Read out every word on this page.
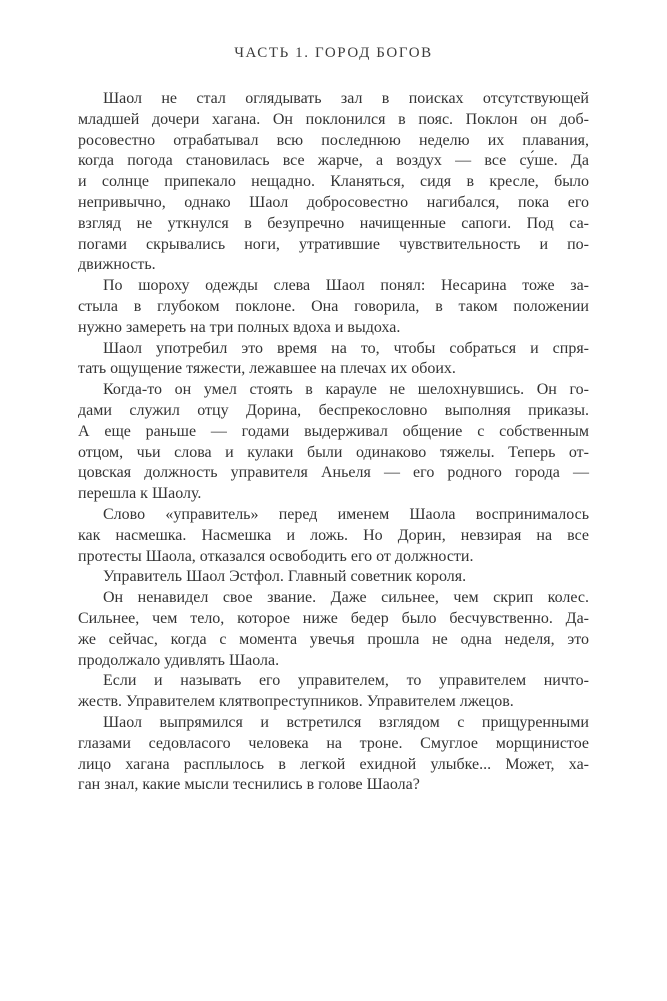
ЧАСТЬ 1. ГОРОД БОГОВ
Шаол не стал оглядывать зал в поисках отсутствующей
младшей дочери хагана. Он поклонился в пояс. Поклон он доб-
росовестно отрабатывал всю последнюю неделю их плавания,
когда погода становилась все жарче, а воздух — все су́ше. Да
и солнце припекало нещадно. Кланяться, сидя в кресле, было
непривычно, однако Шаол добросовестно нагибался, пока его
взгляд не уткнулся в безупречно начищенные сапоги. Под са-
погами скрывались ноги, утратившие чувствительность и по-
движность.
По шороху одежды слева Шаол понял: Несарина тоже за-
стыла в глубоком поклоне. Она говорила, в таком положении
нужно замереть на три полных вдоха и выдоха.
Шаол употребил это время на то, чтобы собраться и спря-
тать ощущение тяжести, лежавшее на плечах их обоих.
Когда-то он умел стоять в карауле не шелохнувшись. Он го-
дами служил отцу Дорина, беспрекословно выполняя приказы.
А еще раньше — годами выдерживал общение с собственным
отцом, чьи слова и кулаки были одинаково тяжелы. Теперь от-
цовская должность управителя Аньеля — его родного города —
перешла к Шаолу.
Слово «управитель» перед именем Шаола воспринималось
как насмешка. Насмешка и ложь. Но Дорин, невзирая на все
протесты Шаола, отказался освободить его от должности.
Управитель Шаол Эстфол. Главный советник короля.
Он ненавидел свое звание. Даже сильнее, чем скрип колес.
Сильнее, чем тело, которое ниже бедер было бесчувственно. Да-
же сейчас, когда с момента увечья прошла не одна неделя, это
продолжало удивлять Шаола.
Если и называть его управителем, то управителем ничто-
жеств. Управителем клятвопреступников. Управителем лжецов.
Шаол выпрямился и встретился взглядом с прищуренными
глазами седовласого человека на троне. Смуглое морщинистое
лицо хагана расплылось в легкой ехидной улыбке... Может, ха-
ган знал, какие мысли теснились в голове Шаола?
